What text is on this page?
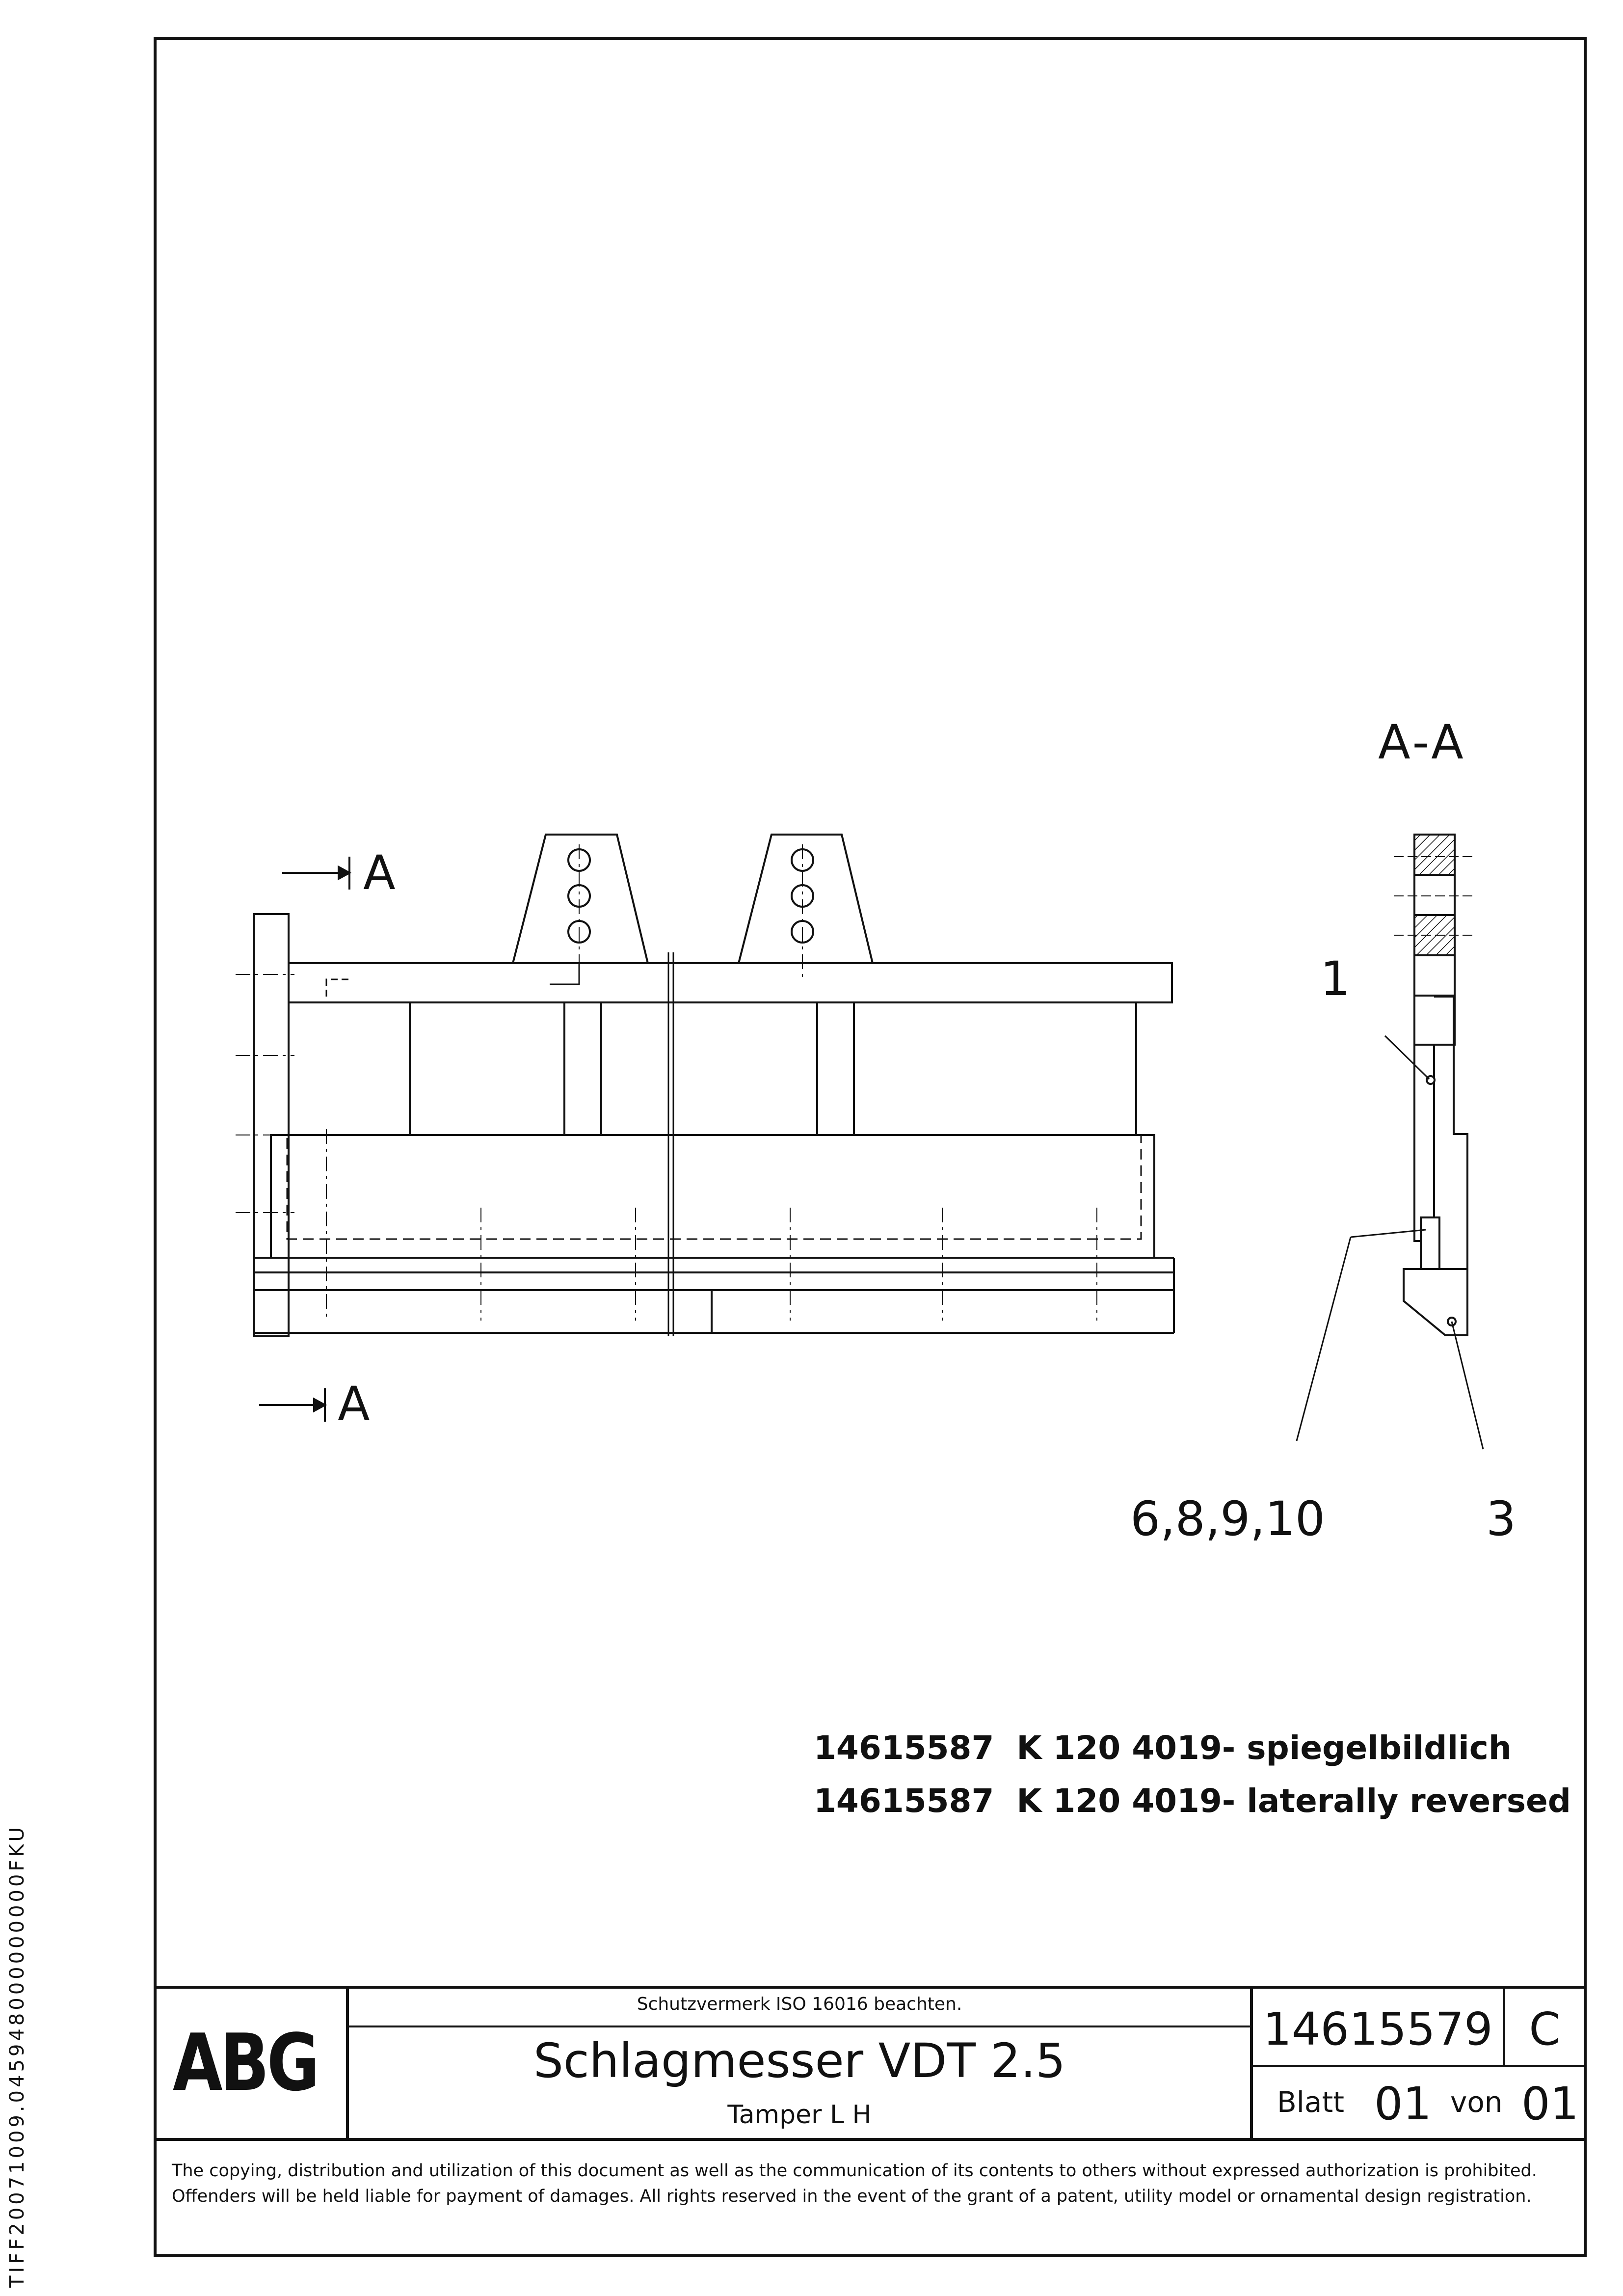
A-A
A
A
1
6,8,9,10	3
14615587  K 120 4019- spiegelbildlich
14615587  K 120 4019- laterally reversed
ABG
Schutzvermerk ISO 16016 beachten.
Schlagmesser VDT 2.5
Tamper L H
14615579 C
Blatt 01 von 01
The copying, distribution and utilization of this document as well as the communication of its contents to others without expressed authorization is prohibited. Offenders will be held liable for payment of damages. All rights reserved in the event of the grant of a patent, utility model or ornamental design registration.
TIFF20071009.045948000000000FKU
